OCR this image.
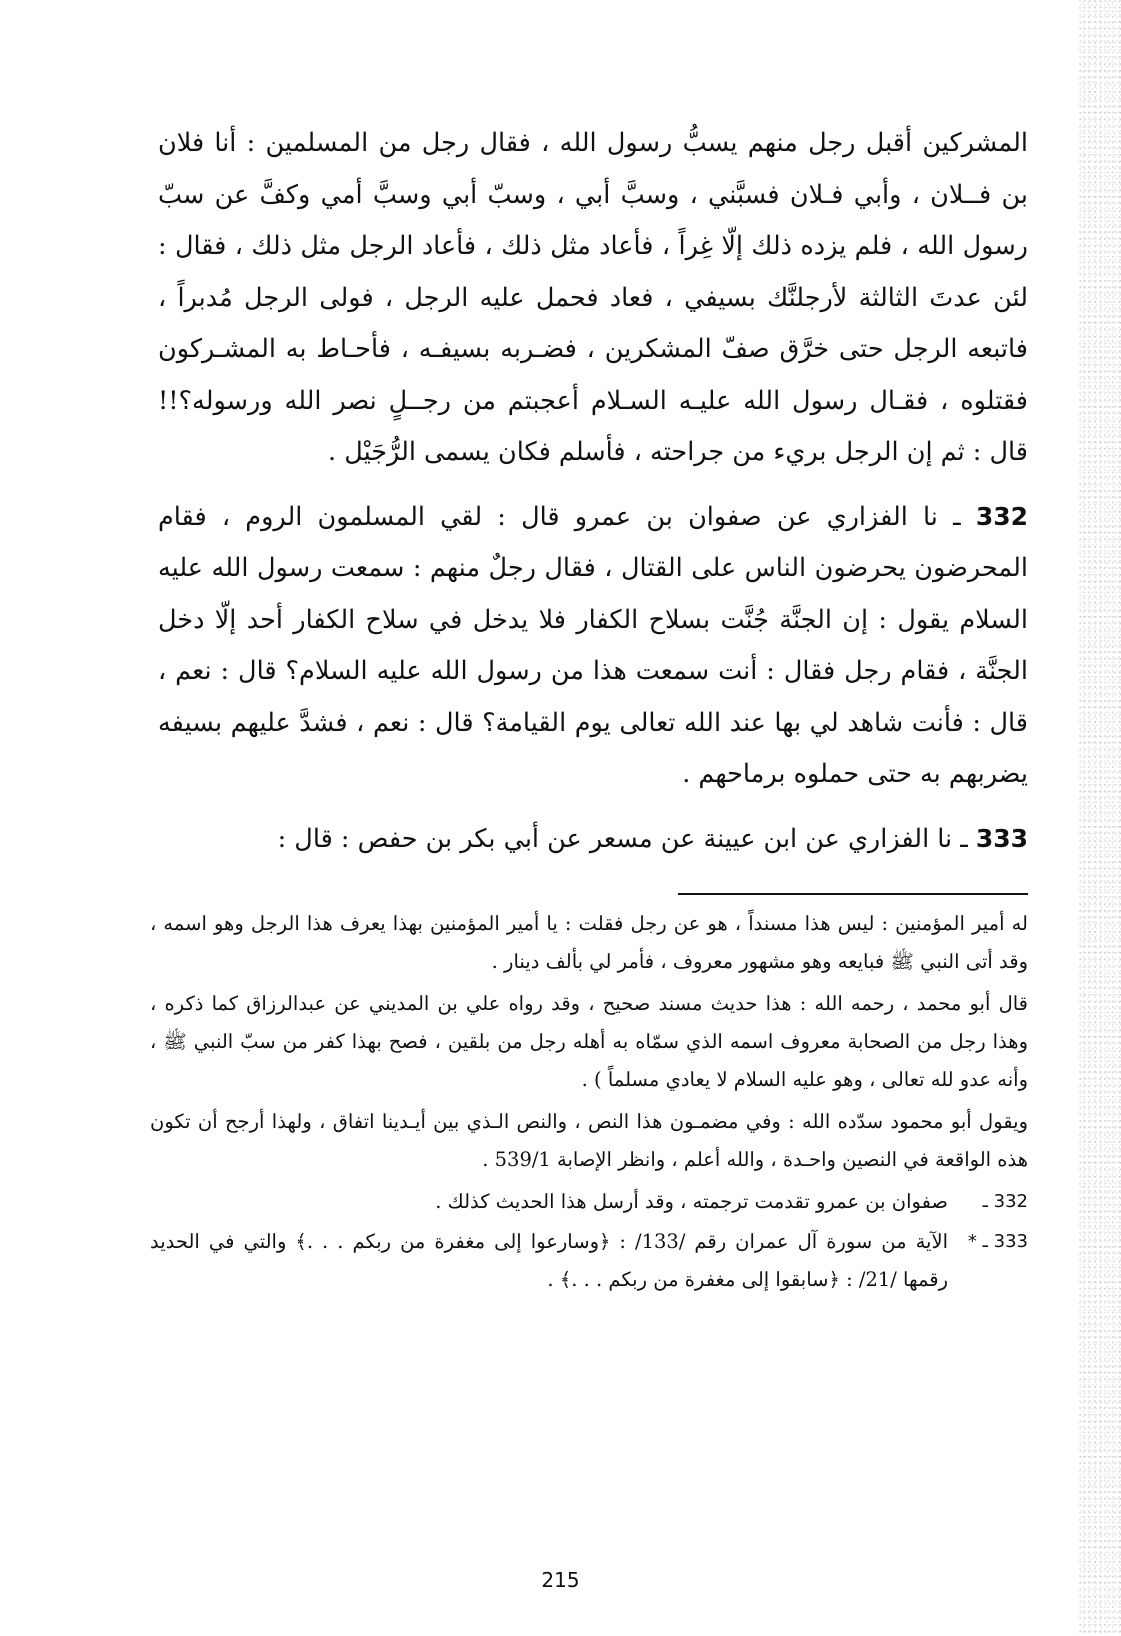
المشركين أقبل رجل منهم يسبُّ رسول الله ، فقال رجل من المسلمين : أنا فلان بن فــلان ، وأبي فـلان فسبَّني ، وسبَّ أبي ، وسبّ أبي وسبَّ أمي وكفَّ عن سبّ رسول الله ، فلم يزده ذلك إلّا غِراً ، فأعاد مثل ذلك ، فأعاد الرجل مثل ذلك ، فقال : لئن عدتَ الثالثة لأرجلنَّك بسيفي ، فعاد فحمل عليه الرجل ، فولى الرجل مُدبراً ، فاتبعه الرجل حتى خرَّق صفّ المشكرين ، فضـربه بسيفـه ، فأحـاط به المشـركون فقتلوه ، فقـال رسول الله عليـه السـلام أعجبتم من رجــلٍ نصر الله ورسوله؟!! قال : ثم إن الرجل بريء من جراحته ، فأسلم فكان يسمى الرُّجَيْل .

332 ـ نا الفزاري عن صفوان بن عمرو قال : لقي المسلمون الروم ، فقام المحرضون يحرضون الناس على القتال ، فقال رجلٌ منهم : سمعت رسول الله عليه السلام يقول : إن الجنَّة جُنَّت بسلاح الكفار فلا يدخل في سلاح الكفار أحد إلّا دخل الجنَّة ، فقام رجل فقال : أنت سمعت هذا من رسول الله عليه السلام؟ قال : نعم ، قال : فأنت شاهد لي بها عند الله تعالى يوم القيامة؟ قال : نعم ، فشدَّ عليهم بسيفه يضربهم به حتى حملوه برماحهم .

333 ـ نا الفزاري عن ابن عيينة عن مسعر عن أبي بكر بن حفص : قال :

له أمير المؤمنين : ليس هذا مسنداً ، هو عن رجل فقلت : يا أمير المؤمنين بهذا يعرف هذا الرجل وهو اسمه ، وقد أتى النبي ﷺ فبايعه وهو مشهور معروف ، فأمر لي بألف دينار .

قال أبو محمد ، رحمه الله : هذا حديث مسند صحيح ، وقد رواه علي بن المديني عن عبدالرزاق كما ذكره ، وهذا رجل من الصحابة معروف اسمه الذي سمّاه به أهله رجل من بلقين ، فصح بهذا كفر من سبّ النبي ﷺ ، وأنه عدو لله تعالى ، وهو عليه السلام لا يعادي مسلماً ) .

ويقول أبو محمود سدّده الله : وفي مضمـون هذا النص ، والنص الـذي بين أيـدينا اتفاق ، ولهذا أرجح أن تكون هذه الواقعة في النصين واحـدة ، والله أعلم ، وانظر الإصابة 539/1 .

332 ـ
صفوان بن عمرو تقدمت ترجمته ، وقد أرسل هذا الحديث كذلك .
333 ـ *
الآية من سورة آل عمران رقم /133/ : ﴿وسارعوا إلى مغفرة من ربكم . . .﴾ والتي في الحديد رقمها /21/ : ﴿سابقوا إلى مغفرة من ربكم . . .﴾ .
215
